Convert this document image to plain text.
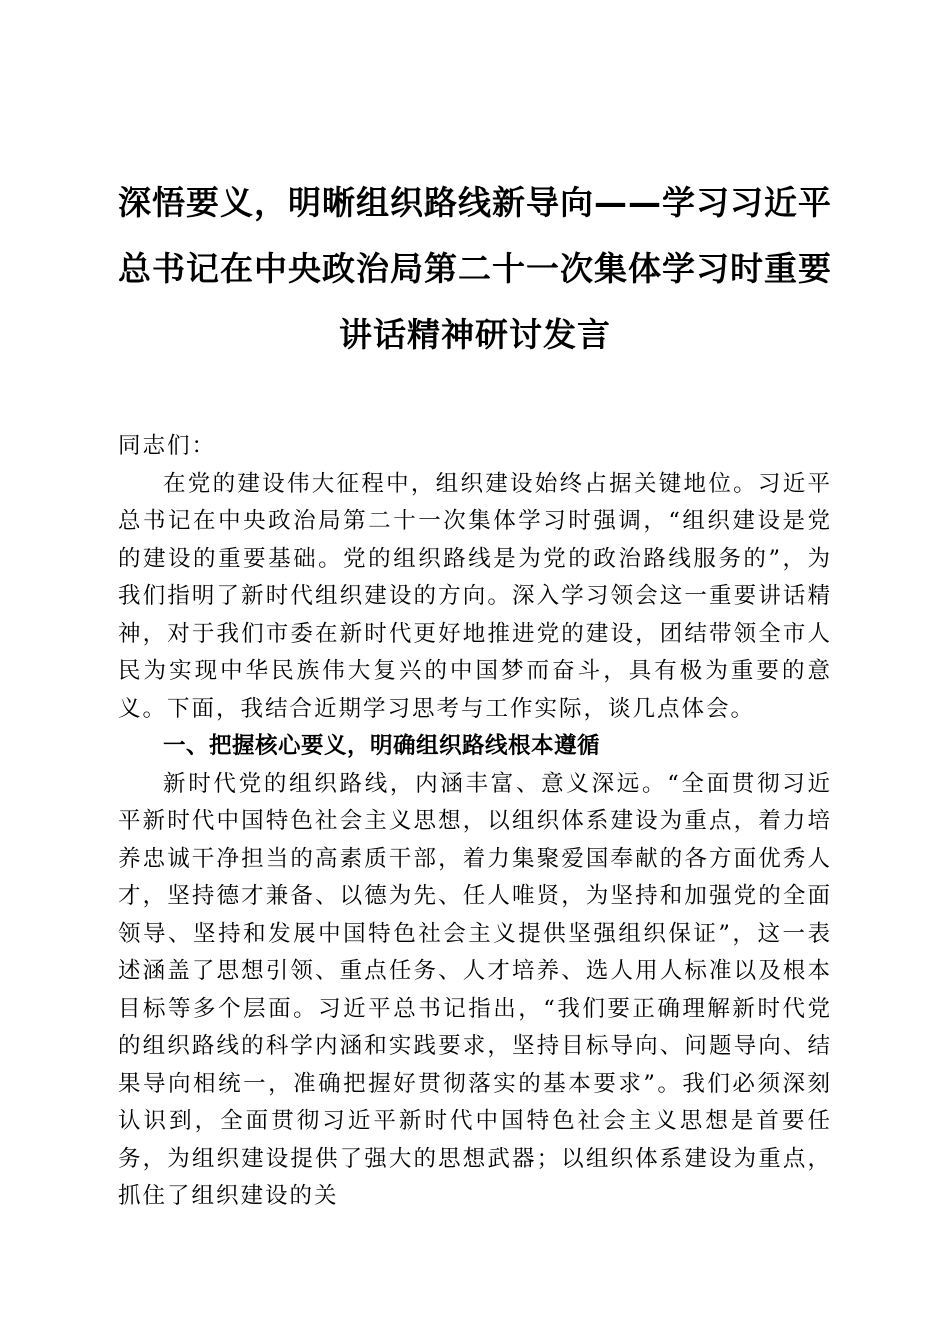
深悟要义，明晰组织路线新导向——学习习近平总书记在中央政治局第二十一次集体学习时重要讲话精神研讨发言

同志们：

在党的建设伟大征程中，组织建设始终占据关键地位。习近平总书记在中央政治局第二十一次集体学习时强调，“组织建设是党的建设的重要基础。党的组织路线是为党的政治路线服务的”，为我们指明了新时代组织建设的方向。深入学习领会这一重要讲话精神，对于我们市委在新时代更好地推进党的建设，团结带领全市人民为实现中华民族伟大复兴的中国梦而奋斗，具有极为重要的意义。下面，我结合近期学习思考与工作实际，谈几点体会。

一、把握核心要义，明确组织路线根本遵循

新时代党的组织路线，内涵丰富、意义深远。“全面贯彻习近平新时代中国特色社会主义思想，以组织体系建设为重点，着力培养忠诚干净担当的高素质干部，着力集聚爱国奉献的各方面优秀人才，坚持德才兼备、以德为先、任人唯贤，为坚持和加强党的全面领导、坚持和发展中国特色社会主义提供坚强组织保证”，这一表述涵盖了思想引领、重点任务、人才培养、选人用人标准以及根本目标等多个层面。习近平总书记指出，“我们要正确理解新时代党的组织路线的科学内涵和实践要求，坚持目标导向、问题导向、结果导向相统一，准确把握好贯彻落实的基本要求”。我们必须深刻认识到，全面贯彻习近平新时代中国特色社会主义思想是首要任务，为组织建设提供了强大的思想武器；以组织体系建设为重点，抓住了组织建设的关
